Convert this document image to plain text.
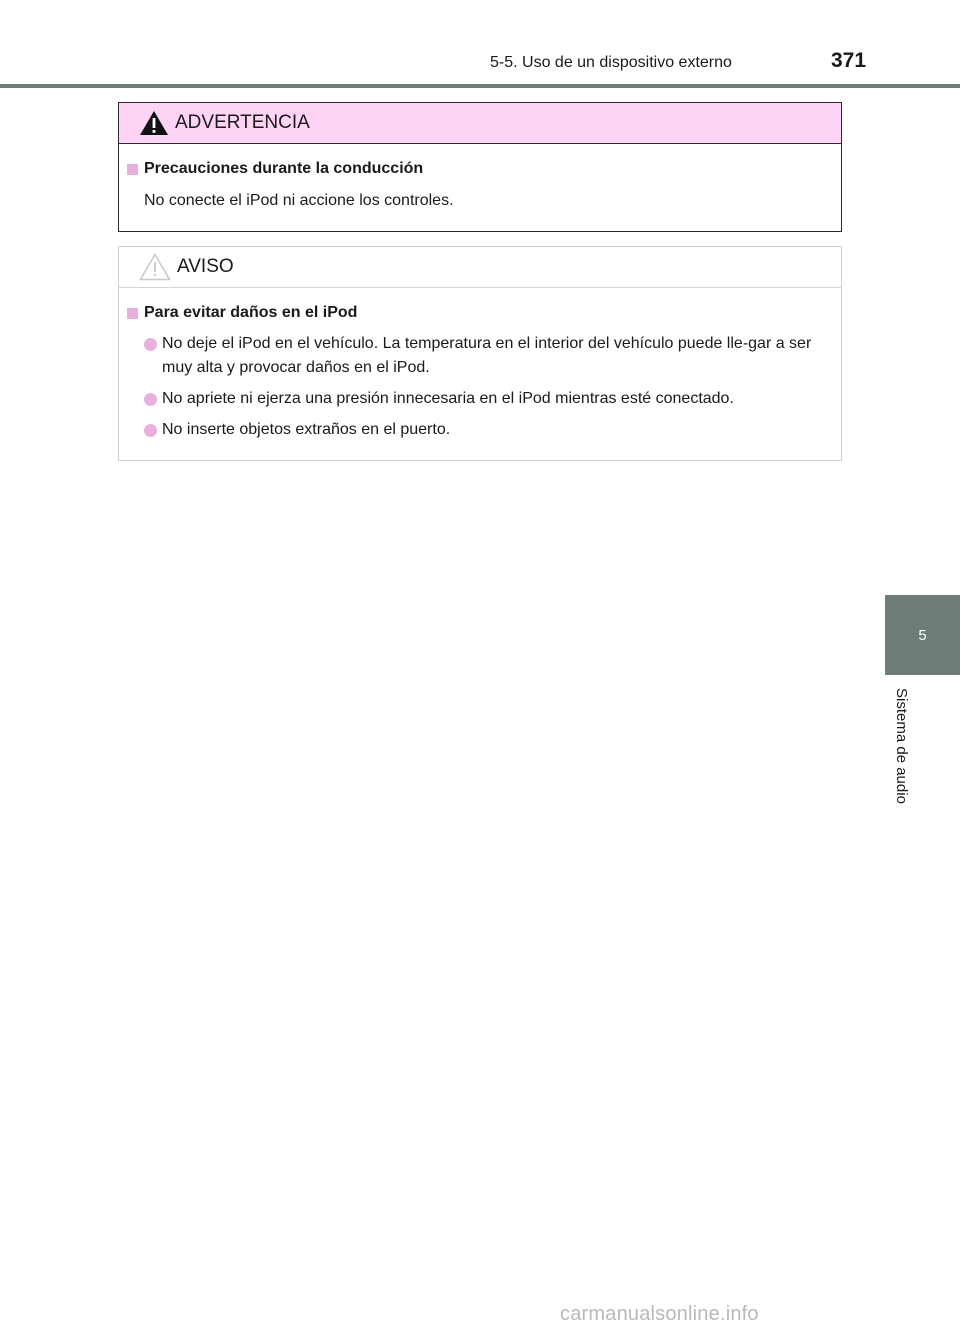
5-5. Uso de un dispositivo externo	371
5
Sistema de audio
ADVERTENCIA
Precauciones durante la conducción
No conecte el iPod ni accione los controles.
AVISO
Para evitar daños en el iPod
No deje el iPod en el vehículo. La temperatura en el interior del vehículo puede lle-gar a ser muy alta y provocar daños en el iPod.
No apriete ni ejerza una presión innecesaria en el iPod mientras esté conectado.
No inserte objetos extraños en el puerto.
carmanualsonline.info
